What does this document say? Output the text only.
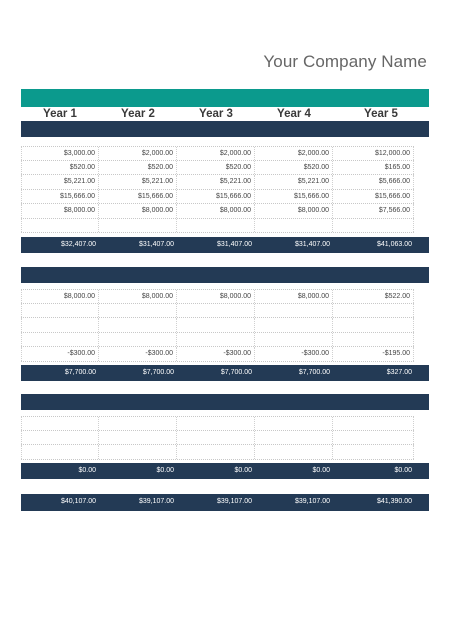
Your Company Name
Year 1	Year 2	Year 3	Year 4	Year 5
$3,000.00	$2,000.00	$2,000.00	$2,000.00	$12,000.00
$520.00	$520.00	$520.00	$520.00	$165.00
$5,221.00	$5,221.00	$5,221.00	$5,221.00	$5,666.00
$15,666.00	$15,666.00	$15,666.00	$15,666.00	$15,666.00
$8,000.00	$8,000.00	$8,000.00	$8,000.00	$7,566.00
$32,407.00	$31,407.00	$31,407.00	$31,407.00	$41,063.00
$8,000.00	$8,000.00	$8,000.00	$8,000.00	$522.00
-$300.00	-$300.00	-$300.00	-$300.00	-$195.00
$7,700.00	$7,700.00	$7,700.00	$7,700.00	$327.00
$0.00	$0.00	$0.00	$0.00	$0.00
$40,107.00	$39,107.00	$39,107.00	$39,107.00	$41,390.00
